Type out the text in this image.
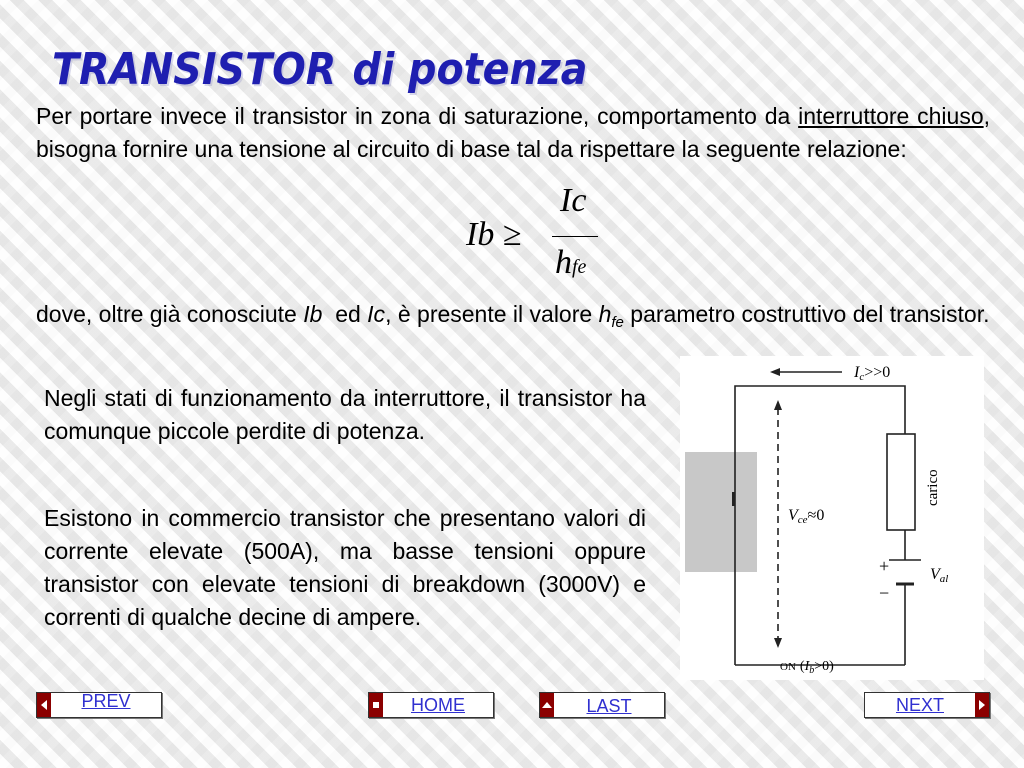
TRANSISTOR di potenza

Per portare invece il transistor in zona di saturazione, comportamento da interruttore chiuso, bisogna fornire una tensione al circuito di base tal da rispettare la seguente relazione:

Ib ≥
Ic
hfe

dove, oltre già conosciute Ib ed Ic, è presente il valore $h_{fe}$ parametro costruttivo del transistor.

Negli stati di funzionamento da interruttore, il transistor ha comunque piccole perdite di potenza.

Esistono in commercio transistor che presentano valori di corrente elevate (500A), ma basse tensioni oppure transistor con elevate tensioni di breakdown (3000V) e correnti di qualche decine di ampere.

Ic>>0
Vce≈0
carico
+
−
Val
ON $(I_b>0)$
PREV	HOME	LAST	NEXT
